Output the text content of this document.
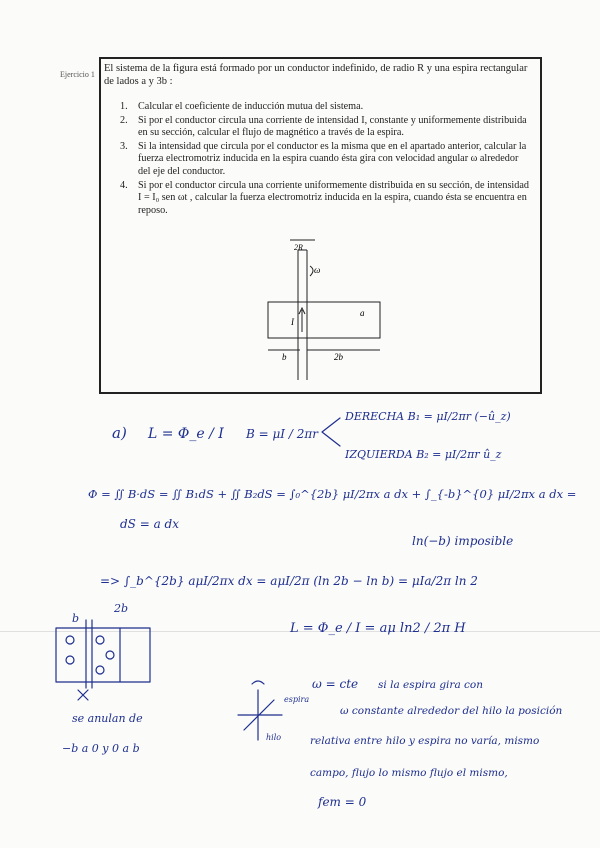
Ejercicio 1
El sistema de la figura está formado por un conductor indefinido, de radio R y una espira rectangular de lados a y 3b :
1. Calcular el coeficiente de inducción mutua del sistema.
2. Si por el conductor circula una corriente de intensidad I, constante y uniformemente distribuida en su sección, calcular el flujo de magnético a través de la espira.
3. Si la intensidad que circula por el conductor es la misma que en el apartado anterior, calcular la fuerza electromotriz inducida en la espira cuando ésta gira con velocidad angular ω alrededor del eje del conductor.
4. Si por el conductor circula una corriente uniformemente distribuida en su sección, de intensidad I = I₀ sen ωt , calcular la fuerza electromotriz inducida en la espira, cuando ésta se encuentra en reposo.
2R
ω
I
a
b	2b
a) L = Φ_e / I B = μI / 2πr
DERECHA B₁ = μI/2πr (−û_z)
IZQUIERDA B₂ = μI/2πr û_z
Φ = ∬ B·dS = ∬ B₁dS + ∬ B₂dS = ∫₀^{2b} μI/2πx a dx + ∫_{-b}^{0} μI/2πx a dx =
dS = a dx
ln(−b) imposible
=> ∫_b^{2b} aμI/2πx dx = aμI/2π (ln 2b − ln b) = μIa/2π ln 2
L = Φ_e / I = aμ ln2 / 2π H
b
2b
se anulan de
−b a 0 y 0 a b
espira
hilo
ω = cte si la espira gira con
ω constante alrededor del hilo la posición
relativa entre hilo y espira no varía, mismo
campo, flujo lo mismo flujo el mismo,
fem = 0
